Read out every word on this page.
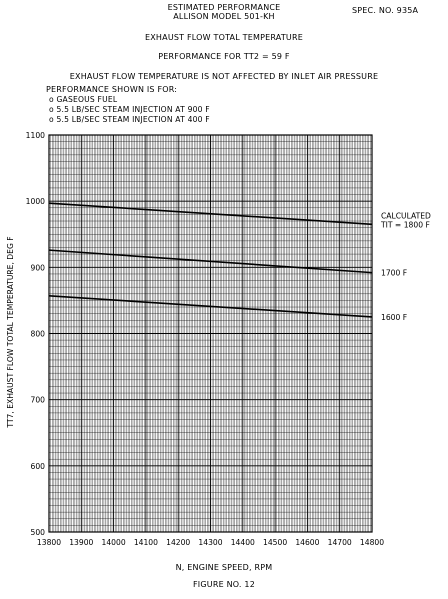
ESTIMATED PERFORMANCE
ALLISON MODEL 501-KH
SPEC. NO. 935A
EXHAUST FLOW TOTAL TEMPERATURE
PERFORMANCE FOR TT2 = 59 F
EXHAUST FLOW TEMPERATURE IS NOT AFFECTED BY INLET AIR PRESSURE
PERFORMANCE SHOWN IS FOR:
o GASEOUS FUEL
o 5.5 LB/SEC STEAM INJECTION AT 900 F
o 5.5 LB/SEC STEAM INJECTION AT 400 F
13800 13900 14000 14100 14200 14300 14400 14500 14600 14700 14800
500
600
700
800
900
1000
1100
CALCULATED
TIT = 1800 F
1700 F
1600 F
TT7, EXHAUST FLOW TOTAL TEMPERATURE, DEG F
N, ENGINE SPEED, RPM
FIGURE NO. 12
